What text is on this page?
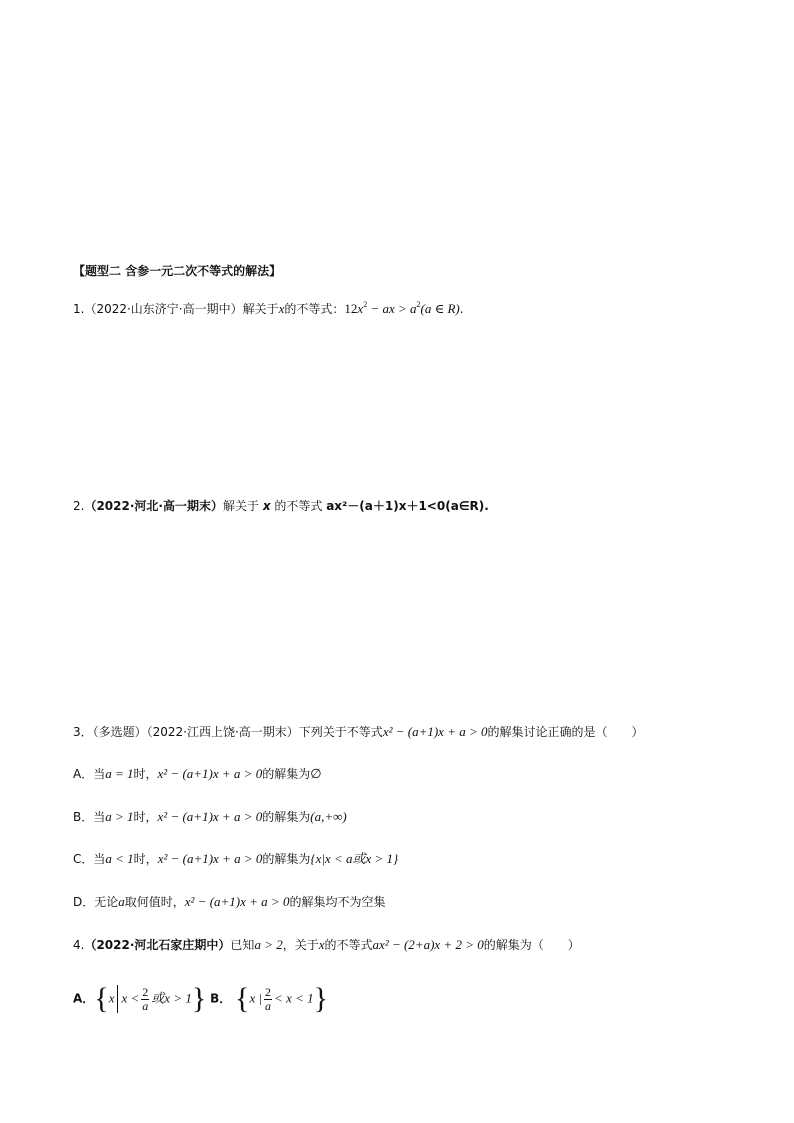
【题型二 含参一元二次不等式的解法】
1.（2022·山东济宁·高一期中）解关于x的不等式：$12x^2$ − ax > $a^2(a$ ∈ R).
2.（2022·河北·高一期末）解关于 x 的不等式 ax²－(a＋1)x＋1<0(a∈R).
3．（多选题）（2022·江西上饶·高一期末）下列关于不等式x² − (a+1)x + a > 0的解集讨论正确的是（　　）
A．当a = 1时，x² − (a+1)x + a > 0的解集为∅
B．当a > 1时，x² − (a+1)x + a > 0的解集为(a,+∞)
C．当a < 1时，x² − (a+1)x + a > 0的解集为{x|x < a或x > 1}
D．无论a取何值时，x² − (a+1)x + a > 0的解集均不为空集
4.（2022·河北石家庄期中）已知a > 2，关于x的不等式ax² − (2+a)x + 2 > 0的解集为（　　）
A．{x $x < \frac{2}{a}$ 或x > 1} B． {x | $\frac{2}{a} < x < 1$}
